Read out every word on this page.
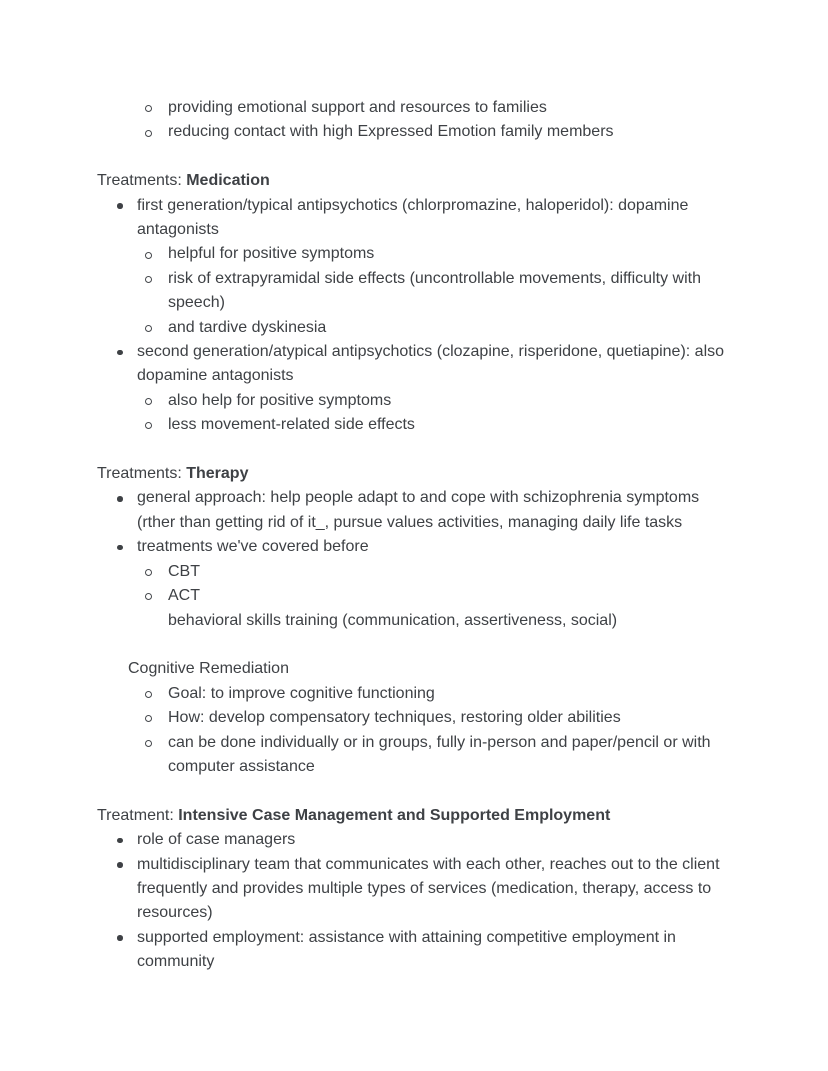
providing emotional support and resources to families
reducing contact with high Expressed Emotion family members
Treatments: Medication
first generation/typical antipsychotics (chlorpromazine, haloperidol): dopamine antagonists
helpful for positive symptoms
risk of extrapyramidal side effects (uncontrollable movements, difficulty with speech)
and tardive dyskinesia
second generation/atypical antipsychotics (clozapine, risperidone, quetiapine): also dopamine antagonists
also help for positive symptoms
less movement-related side effects
Treatments: Therapy
general approach: help people adapt to and cope with schizophrenia symptoms (rther than getting rid of it_, pursue values activities, managing daily life tasks
treatments we've covered before
CBT
ACT
behavioral skills training (communication, assertiveness, social)
Cognitive Remediation
Goal: to improve cognitive functioning
How: develop compensatory techniques, restoring older abilities
can be done individually or in groups, fully in-person and paper/pencil or with computer assistance
Treatment: Intensive Case Management and Supported Employment
role of case managers
multidisciplinary team that communicates with each other, reaches out to the client frequently and provides multiple types of services (medication, therapy, access to resources)
supported employment: assistance with attaining competitive employment in community
